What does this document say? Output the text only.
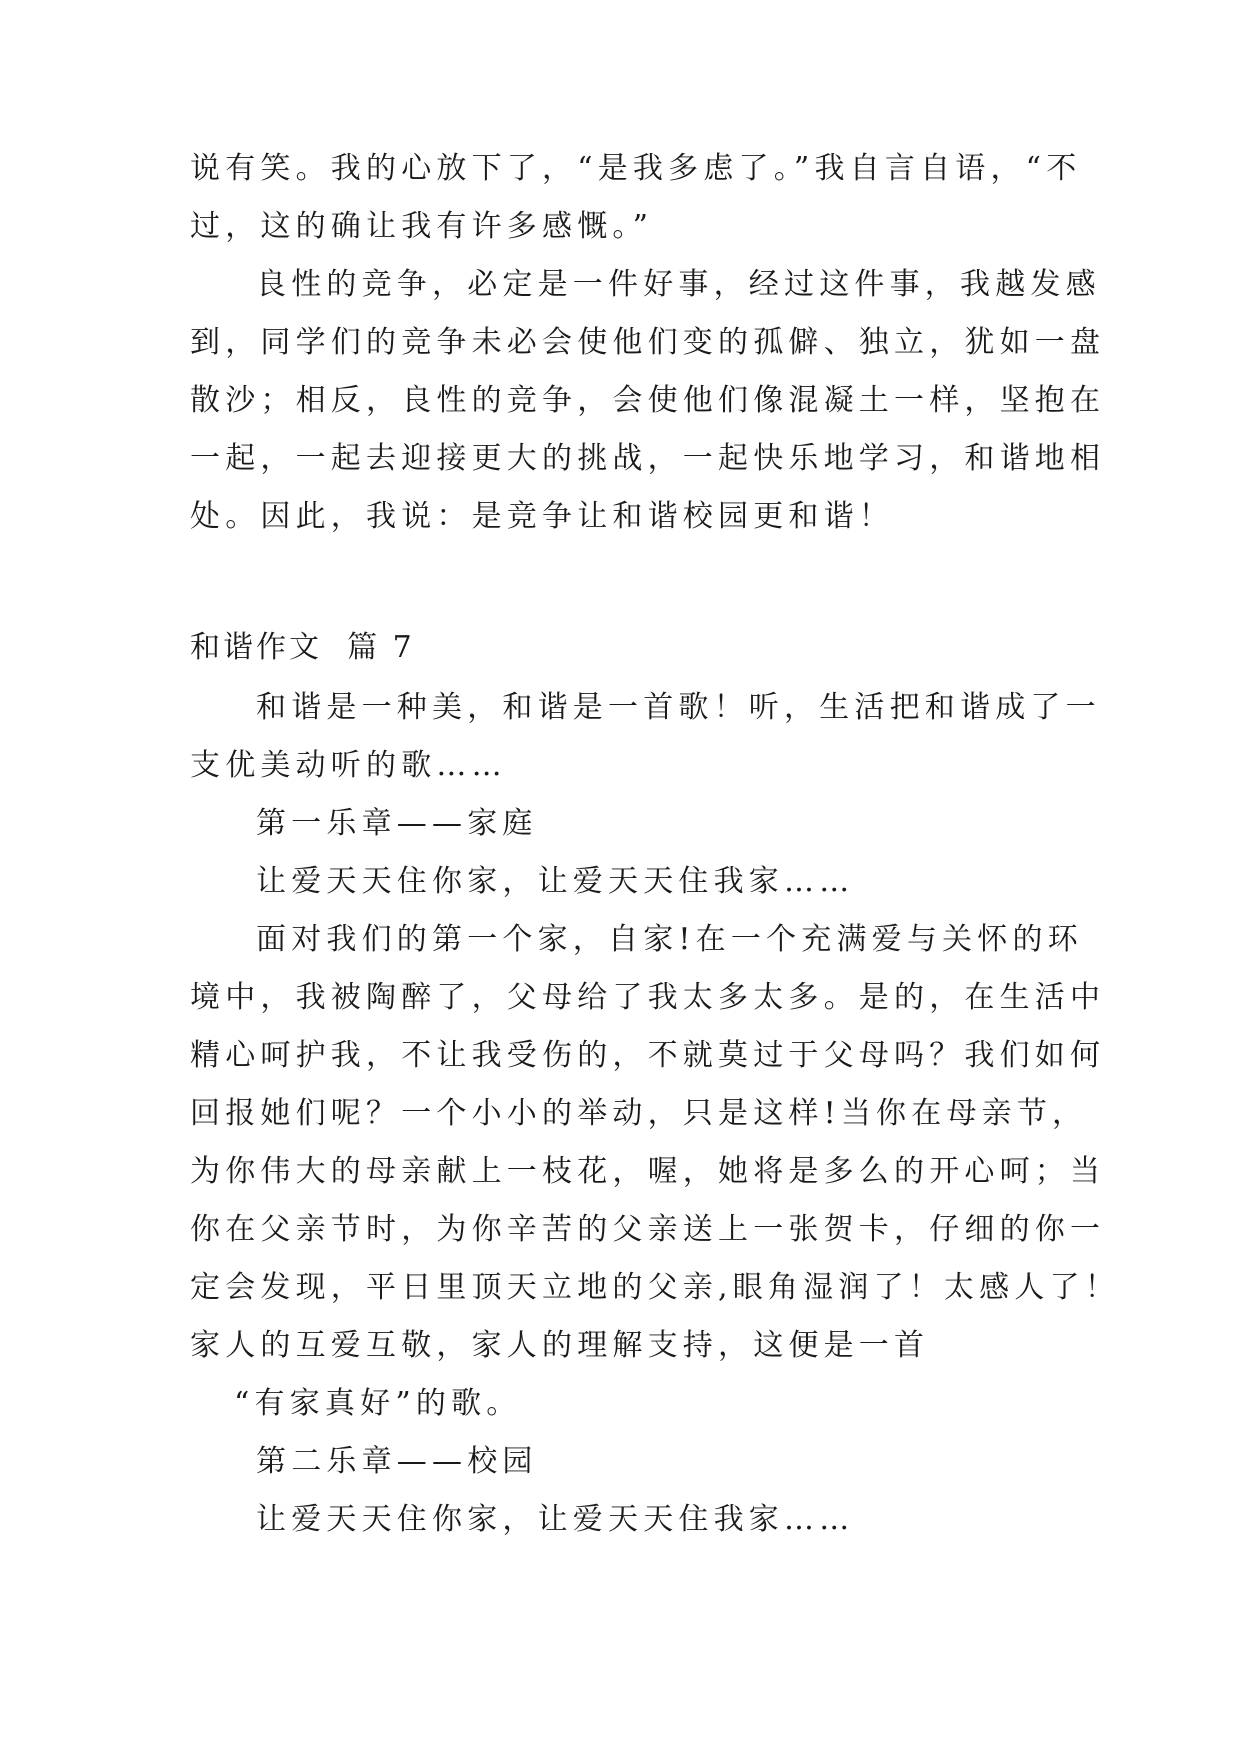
说有笑。我的心放下了，“是我多虑了。”我自言自语，“不
过，这的确让我有许多感慨。”
良性的竞争，必定是一件好事，经过这件事，我越发感
到，同学们的竞争未必会使他们变的孤僻、独立，犹如一盘
散沙；相反，良性的竞争，会使他们像混凝土一样，坚抱在
一起，一起去迎接更大的挑战，一起快乐地学习，和谐地相
处。因此，我说：是竞争让和谐校园更和谐！
和谐作文  篇 7
和谐是一种美，和谐是一首歌！听，生活把和谐成了一
支优美动听的歌……
第一乐章——家庭
让爱天天住你家，让爱天天住我家……
面对我们的第一个家，自家!在一个充满爱与关怀的环
境中，我被陶醉了，父母给了我太多太多。是的，在生活中
精心呵护我，不让我受伤的，不就莫过于父母吗？我们如何
回报她们呢？一个小小的举动，只是这样!当你在母亲节，
为你伟大的母亲献上一枝花，喔，她将是多么的开心呵；当
你在父亲节时，为你辛苦的父亲送上一张贺卡，仔细的你一
定会发现，平日里顶天立地的父亲,眼角湿润了！太感人了！
家人的互爱互敬，家人的理解支持，这便是一首
“有家真好”的歌。
第二乐章——校园
让爱天天住你家，让爱天天住我家……
